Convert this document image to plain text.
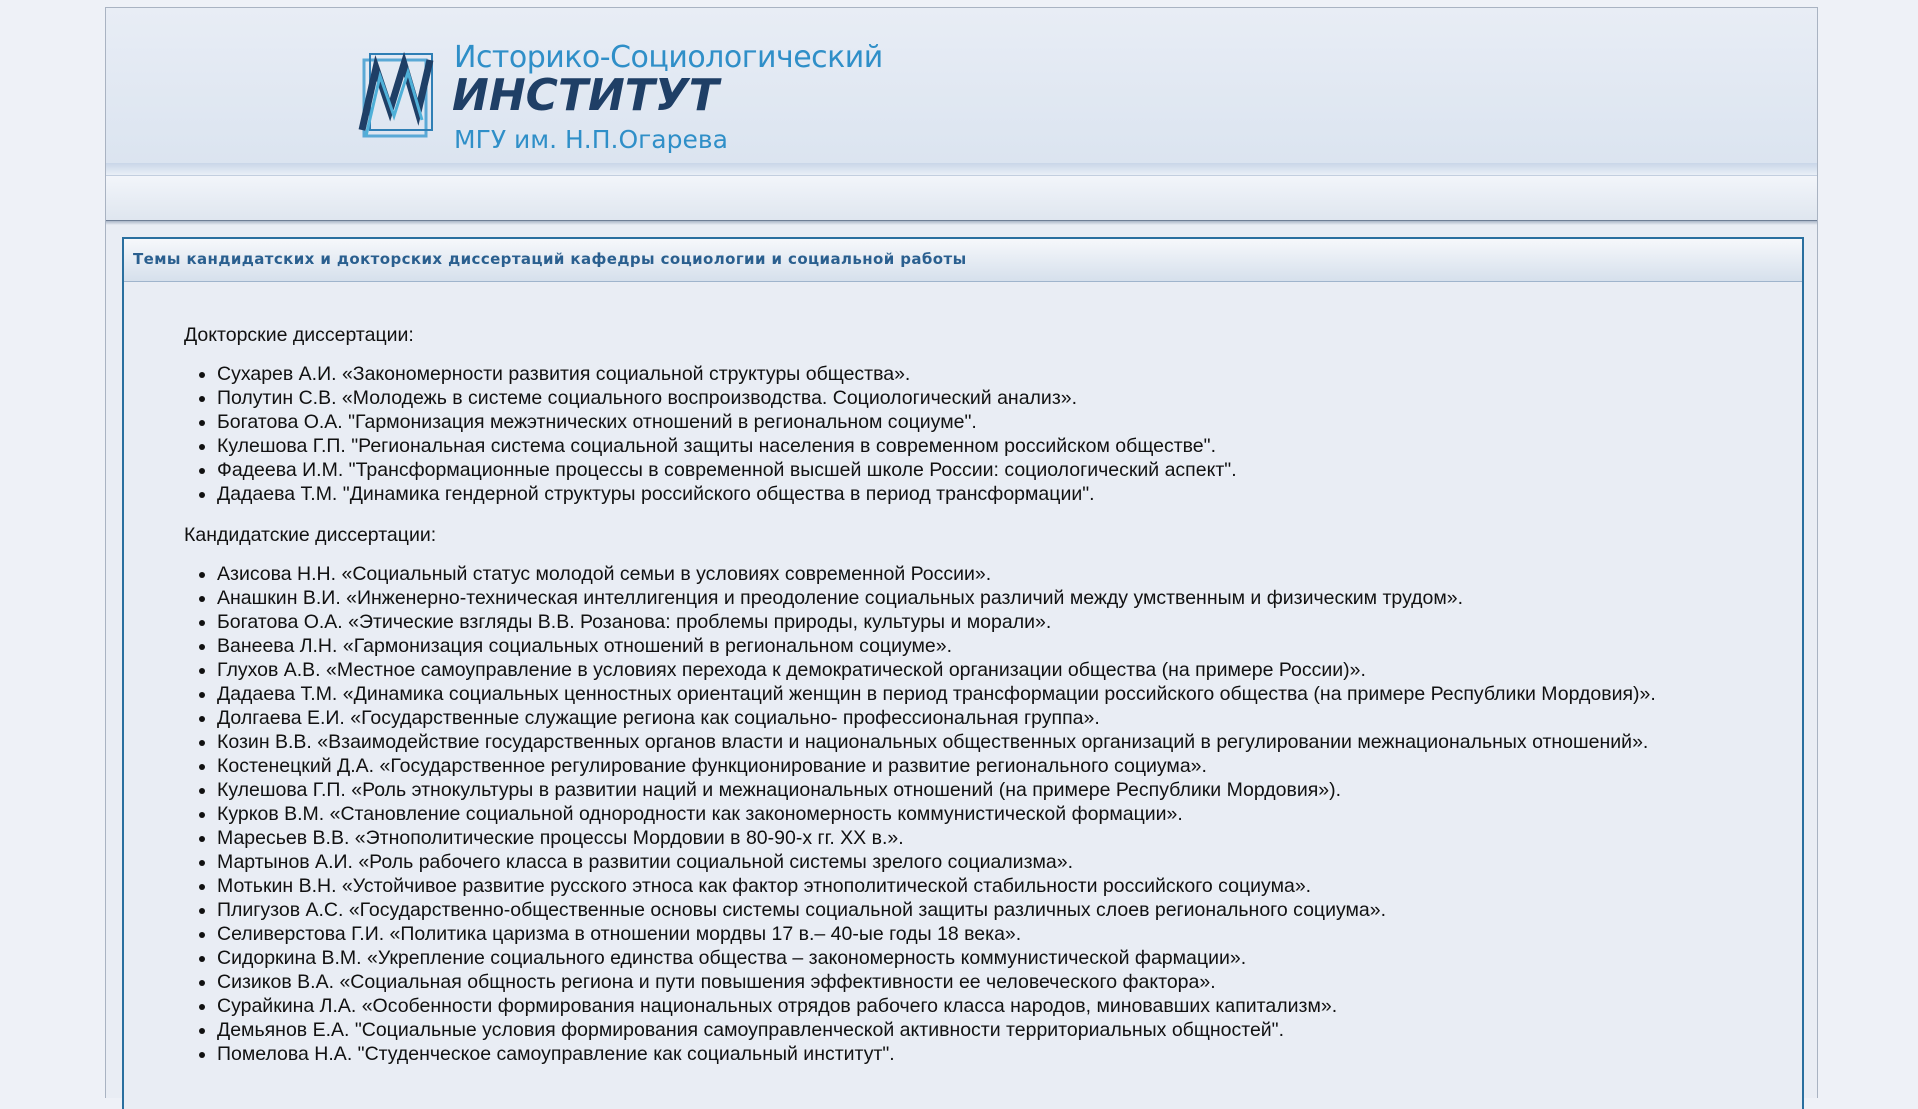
Историко-Социологический
ИНСТИТУТ
МГУ им. Н.П.Огарева
Темы кандидатских и докторских диссертаций кафедры социологии и социальной работы
Докторские диссертации:
• Сухарев А.И. «Закономерности развития социальной структуры общества».
• Полутин С.В. «Молодежь в системе социального воспроизводства. Социологический анализ».
• Богатова О.А. "Гармонизация межэтнических отношений в региональном социуме".
• Кулешова Г.П. "Региональная система социальной защиты населения в современном российском обществе".
• Фадеева И.М. "Трансформационные процессы в современной высшей школе России: социологический аспект".
• Дадаева Т.М. "Динамика гендерной структуры российского общества в период трансформации".
Кандидатские диссертации:
• Азисова Н.Н. «Социальный статус молодой семьи в условиях современной России».
• Анашкин В.И. «Инженерно-техническая интеллигенция и преодоление социальных различий между умственным и физическим трудом».
• Богатова О.А. «Этические взгляды В.В. Розанова: проблемы природы, культуры и морали».
• Ванеева Л.Н. «Гармонизация социальных отношений в региональном социуме».
• Глухов А.В. «Местное самоуправление в условиях перехода к демократической организации общества (на примере России)».
• Дадаева Т.М. «Динамика социальных ценностных ориентаций женщин в период трансформации российского общества (на примере Республики Мордовия)».
• Долгаева Е.И. «Государственные служащие региона как социально- профессиональная группа».
• Козин В.В. «Взаимодействие государственных органов власти и национальных общественных организаций в регулировании межнациональных отношений».
• Костенецкий Д.А. «Государственное регулирование функционирование и развитие регионального социума».
• Кулешова Г.П. «Роль этнокультуры в развитии наций и межнациональных отношений (на примере Республики Мордовия»).
• Курков В.М. «Становление социальной однородности как закономерность коммунистической формации».
• Маресьев В.В. «Этнополитические процессы Мордовии в 80-90-х гг. XX в.».
• Мартынов А.И. «Роль рабочего класса в развитии социальной системы зрелого социализма».
• Мотькин В.Н. «Устойчивое развитие русского этноса как фактор этнополитической стабильности российского социума».
• Плигузов А.С. «Государственно-общественные основы системы социальной защиты различных слоев регионального социума».
• Селиверстова Г.И. «Политика царизма в отношении мордвы 17 в.– 40-ые годы 18 века».
• Сидоркина В.М. «Укрепление социального единства общества – закономерность коммунистической фармации».
• Сизиков В.А. «Социальная общность региона и пути повышения эффективности ее человеческого фактора».
• Сурайкина Л.А. «Особенности формирования национальных отрядов рабочего класса народов, миновавших капитализм».
• Демьянов Е.А. "Социальные условия формирования самоуправленческой активности территориальных общностей".
• Помелова Н.А. "Студенческое самоуправление как социальный институт".
